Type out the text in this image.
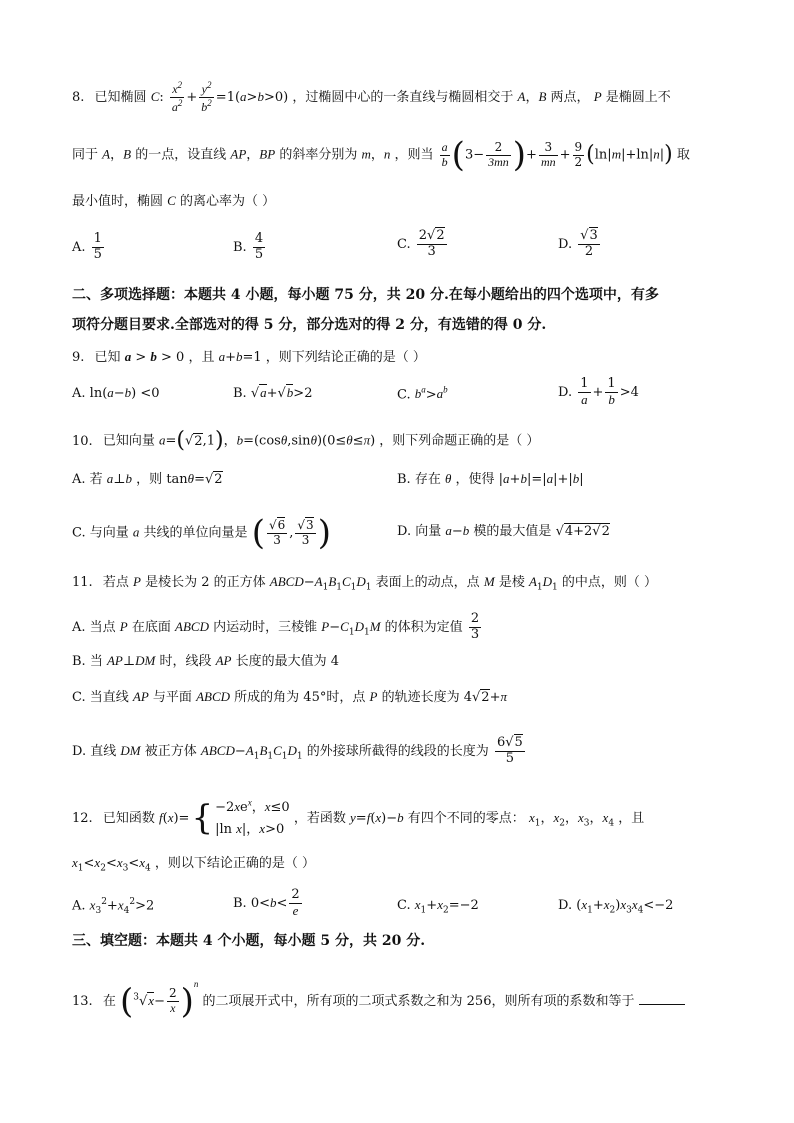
8. 已知椭圆 C: $\frac{x^2}{a^2} + \frac{y^2}{b^2} =1(a>b>0)$ ，过椭圆中心的一条直线与椭圆相交于 A，B 两点， P 是椭圆上不
同于 A，B 的一点，设直线 AP，BP 的斜率分别为 m，n ，则当 $\frac{a}{b} (3- \frac{2}{3mn}$ )+ $\frac{3}{mn} + \frac{9}{2} (\ln|m|+\ln|n|)$ 取
最小值时，椭圆 C 的离心率为（ ）
A. $\frac{1}{5}$	B. $\frac{4}{5}$	C. $\frac{2√2}{3}$	D. $\frac{√3}{2}$
二、多项选择题：本题共 4 小题，每小题 75 分，共 20 分.在每小题给出的四个选项中，有多
项符分题目要求.全部选对的得 5 分，部分选对的得 2 分，有选错的得 0 分.
9. 已知 a > b > 0 ，且 a+b=1 ，则下列结论正确的是（ ）
A. ln(a−b) <0	B. √a+√b>2	C. $b^a>a^b$	D. $\frac{1}{a} + \frac{1}{b} >4$
10. 已知向量 a=(√2,1)，b=(cosθ,sinθ)(0≤θ≤π) ，则下列命题正确的是（ ）
A. 若 a⊥b ，则 tanθ=√2	B. 存在 θ ，使得 |a+b|=|a|+|b|
C. 与向量 a 共线的单位向量是 ( $\frac{√6}{3}$ , $\frac{√3}{3}$ )	D. 向量 a−b 模的最大值是 √4+2√2
11. 若点 P 是棱长为 2 的正方体 $ABCD-A_1B_1C_1D_1$ 表面上的动点，点 M 是棱 $A_1D_1$ 的中点，则（ ）
A. 当点 P 在底面 ABCD 内运动时，三棱锥 $P-C_1D_1M$ 的体积为定值 $\frac{2}{3}$
B. 当 AP⊥DM 时，线段 AP 长度的最大值为 4
C. 当直线 AP 与平面 ABCD 所成的角为 45°时，点 P 的轨迹长度为 4√2+π
D. 直线 DM 被正方体 $ABCD-A_1B_1C_1D_1$ 的外接球所截得的线段的长度为 $\frac{6√5}{5}$
12. 已知函数 $f(x)=\{ -2xe^x$，x≤0
|ln x|，x>0 ，若函数 y=f(x)−b 有四个不同的零点： $x_1$，$x_2$，$x_3$，$x_4$ ，且
$x_1<x_2<x_3<x_4$ ，则以下结论正确的是（ ）
A. $x_3^2+x_4^2>2$	B. $0<b< \frac{2}{e}$	C. $x_1+x_2=-2$	D. $(x_1+x_2)x_3x_4<-2$
三、填空题：本题共 4 个小题，每小题 5 分，共 20 分.
13. 在 $(^3√x- \frac{2}{x} )^n$ 的二项展开式中，所有项的二项式系数之和为 256，则所有项的系数和等于
